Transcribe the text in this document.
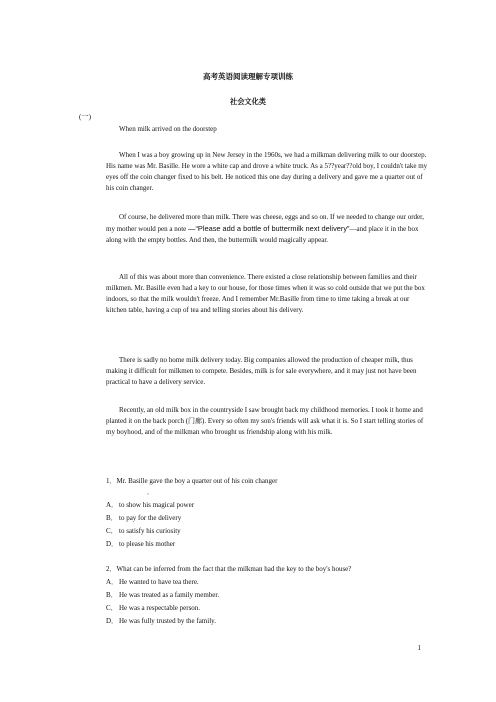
高考英语阅读理解专项训练
社会文化类
(一)

When milk arrived on the doorstep

When I was a boy growing up in New Jersey in the 1960s, we had a milkman delivering milk to our doorstep. His name was Mr. Basille. He wore a white cap and drove a white truck. As a 5??year??old boy, I couldn't take my eyes off the coin changer fixed to his belt. He noticed this one day during a delivery and gave me a quarter out of his coin changer.

Of course, he delivered more than milk. There was cheese, eggs and so on. If we needed to change our order, my mother would pen a note —“Please add a bottle of buttermilk next delivery”—and place it in the box along with the empty bottles. And then, the buttermilk would magically appear.

All of this was about more than convenience. There existed a close relationship between families and their milkmen. Mr. Basille even had a key to our house, for those times when it was so cold outside that we put the box indoors, so that the milk wouldn't freeze. And I remember Mr.Basille from time to time taking a break at our kitchen table, having a cup of tea and telling stories about his delivery.

There is sadly no home milk delivery today. Big companies allowed the production of cheaper milk, thus making it difficult for milkmen to compete. Besides, milk is for sale everywhere, and it may just not have been practical to have a delivery service.

Recently, an old milk box in the countryside I saw brought back my childhood memories. I took it home and planted it on the back porch (门廊). Every so often my son's friends will ask what it is. So I start telling stories of my boyhood, and of the milkman who brought us friendship along with his milk.

1．Mr. Basille gave the boy a quarter out of his coin changer
．
A．to show his magical power
B．to pay for the delivery
C．to satisfy his curiosity
D．to please his mother
2．What can be inferred from the fact that the milkman had the key to the boy's house?
A．He wanted to have tea there.
B．He was treated as a family member.
C．He was a respectable person.
D．He was fully trusted by the family.
1
